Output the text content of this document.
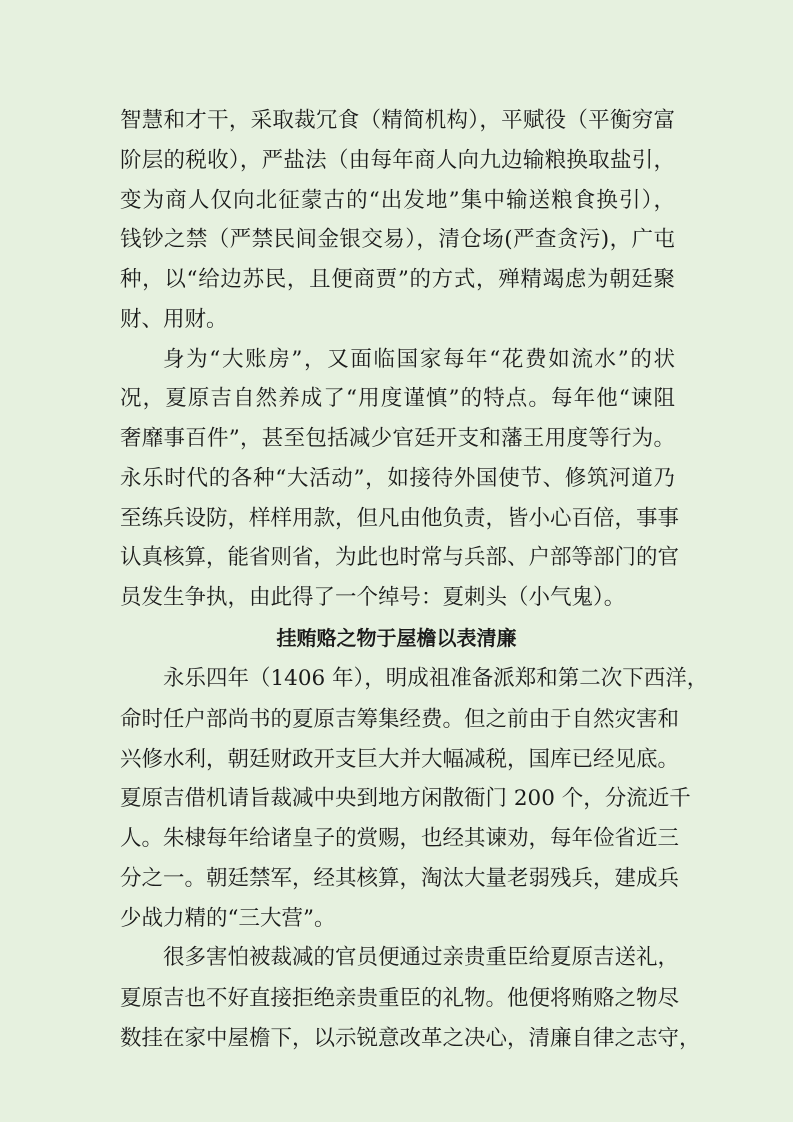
智慧和才干，采取裁冗食（精简机构），平赋役（平衡穷富
阶层的税收），严盐法（由每年商人向九边输粮换取盐引，
变为商人仅向北征蒙古的“出发地”集中输送粮食换引），
钱钞之禁（严禁民间金银交易），清仓场(严查贪污)，广屯
种，以“给边苏民，且便商贾”的方式，殚精竭虑为朝廷聚
财、用财。
身为“大账房”，又面临国家每年“花费如流水”的状
况，夏原吉自然养成了“用度谨慎”的特点。每年他“谏阻
奢靡事百件”，甚至包括减少官廷开支和藩王用度等行为。
永乐时代的各种“大活动”，如接待外国使节、修筑河道乃
至练兵设防，样样用款，但凡由他负责，皆小心百倍，事事
认真核算，能省则省，为此也时常与兵部、户部等部门的官
员发生争执，由此得了一个绰号：夏刺头（小气鬼）。
挂贿赂之物于屋檐以表清廉
永乐四年（1406 年），明成祖准备派郑和第二次下西洋，
命时任户部尚书的夏原吉筹集经费。但之前由于自然灾害和
兴修水利，朝廷财政开支巨大并大幅减税，国库已经见底。
夏原吉借机请旨裁减中央到地方闲散衙门 200 个，分流近千
人。朱棣每年给诸皇子的赏赐，也经其谏劝，每年俭省近三
分之一。朝廷禁军，经其核算，淘汰大量老弱残兵，建成兵
少战力精的“三大营”。
很多害怕被裁减的官员便通过亲贵重臣给夏原吉送礼，
夏原吉也不好直接拒绝亲贵重臣的礼物。他便将贿赂之物尽
数挂在家中屋檐下，以示锐意改革之决心，清廉自律之志守，
